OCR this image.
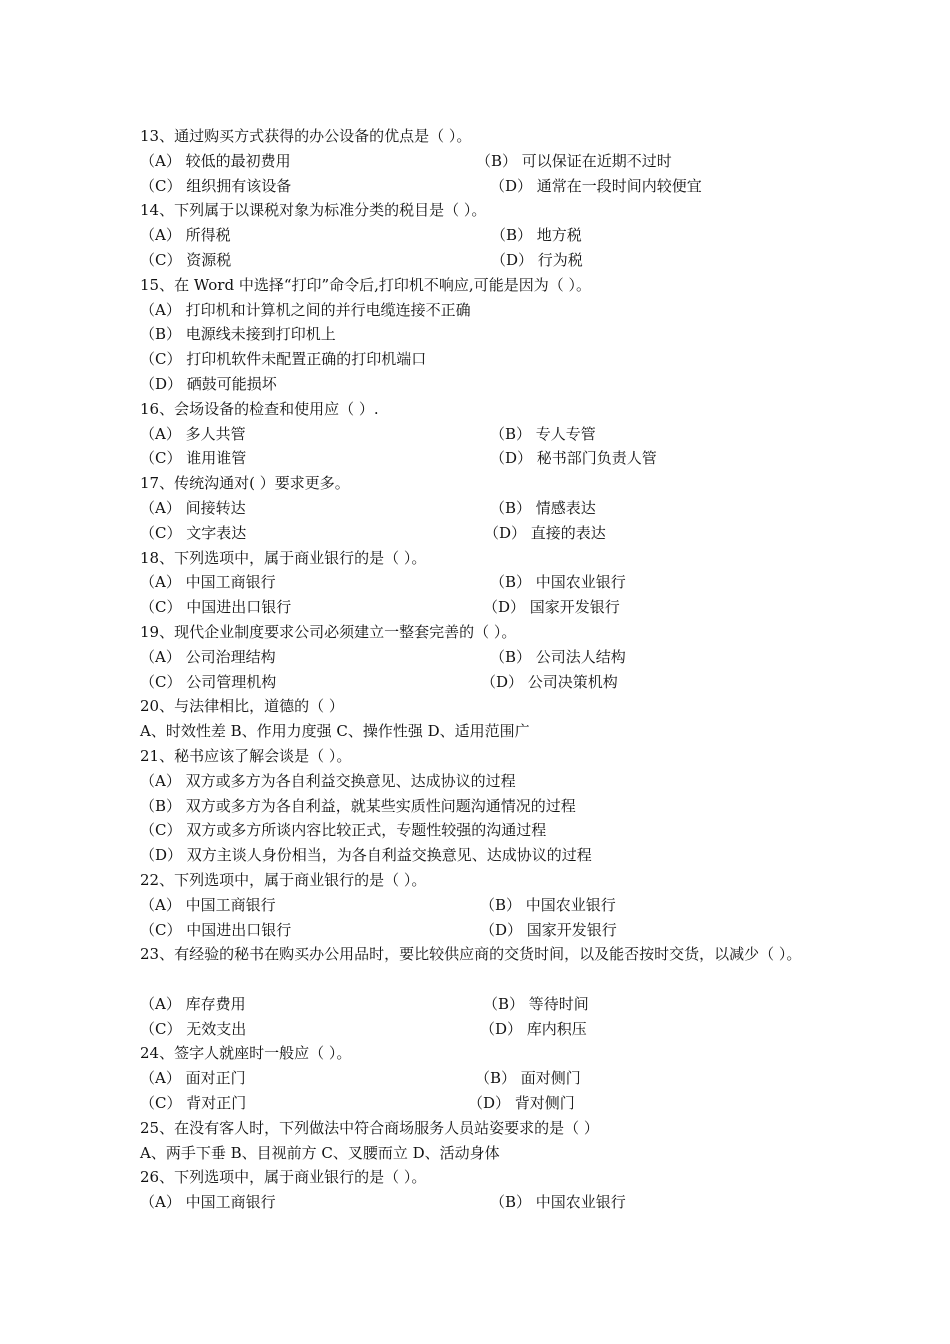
13、通过购买方式获得的办公设备的优点是（ ）。
（A） 较低的最初费用	（B） 可以保证在近期不过时
（C） 组织拥有该设备	（D） 通常在一段时间内较便宜
14、下列属于以课税对象为标准分类的税目是（ ）。
（A） 所得税	（B） 地方税
（C） 资源税	（D） 行为税
15、在 Word 中选择“打印”命令后,打印机不响应,可能是因为（ ）。
（A） 打印机和计算机之间的并行电缆连接不正确
（B） 电源线未接到打印机上
（C） 打印机软件未配置正确的打印机端口
（D） 硒鼓可能损坏
16、会场设备的检查和使用应（ ）.
（A） 多人共管	（B） 专人专管
（C） 谁用谁管	（D） 秘书部门负责人管
17、传统沟通对( ）要求更多。
（A） 间接转达	（B） 情感表达
（C） 文字表达	（D） 直接的表达
18、下列选项中，属于商业银行的是（ ）。
（A） 中国工商银行	（B） 中国农业银行
（C） 中国进出口银行	（D） 国家开发银行
19、现代企业制度要求公司必须建立一整套完善的（ ）。
（A） 公司治理结构	（B） 公司法人结构
（C） 公司管理机构	（D） 公司决策机构
20、与法律相比，道德的（ ）
A、时效性差 B、作用力度强 C、操作性强 D、适用范围广
21、秘书应该了解会谈是（ ）。
（A） 双方或多方为各自利益交换意见、达成协议的过程
（B） 双方或多方为各自利益，就某些实质性问题沟通情况的过程
（C） 双方或多方所谈内容比较正式，专题性较强的沟通过程
（D） 双方主谈人身份相当，为各自利益交换意见、达成协议的过程
22、下列选项中，属于商业银行的是（ ）。
（A） 中国工商银行	（B） 中国农业银行
（C） 中国进出口银行	（D） 国家开发银行
23、有经验的秘书在购买办公用品时，要比较供应商的交货时间，以及能否按时交货，以减少（ ）。
（A） 库存费用	（B） 等待时间
（C） 无效支出	（D） 库内积压
24、签字人就座时一般应（ ）。
（A） 面对正门	（B） 面对侧门
（C） 背对正门	（D） 背对侧门
25、在没有客人时，下列做法中符合商场服务人员站姿要求的是（ ）
A、两手下垂 B、目视前方 C、叉腰而立 D、活动身体
26、下列选项中，属于商业银行的是（ ）。
（A） 中国工商银行	（B） 中国农业银行
